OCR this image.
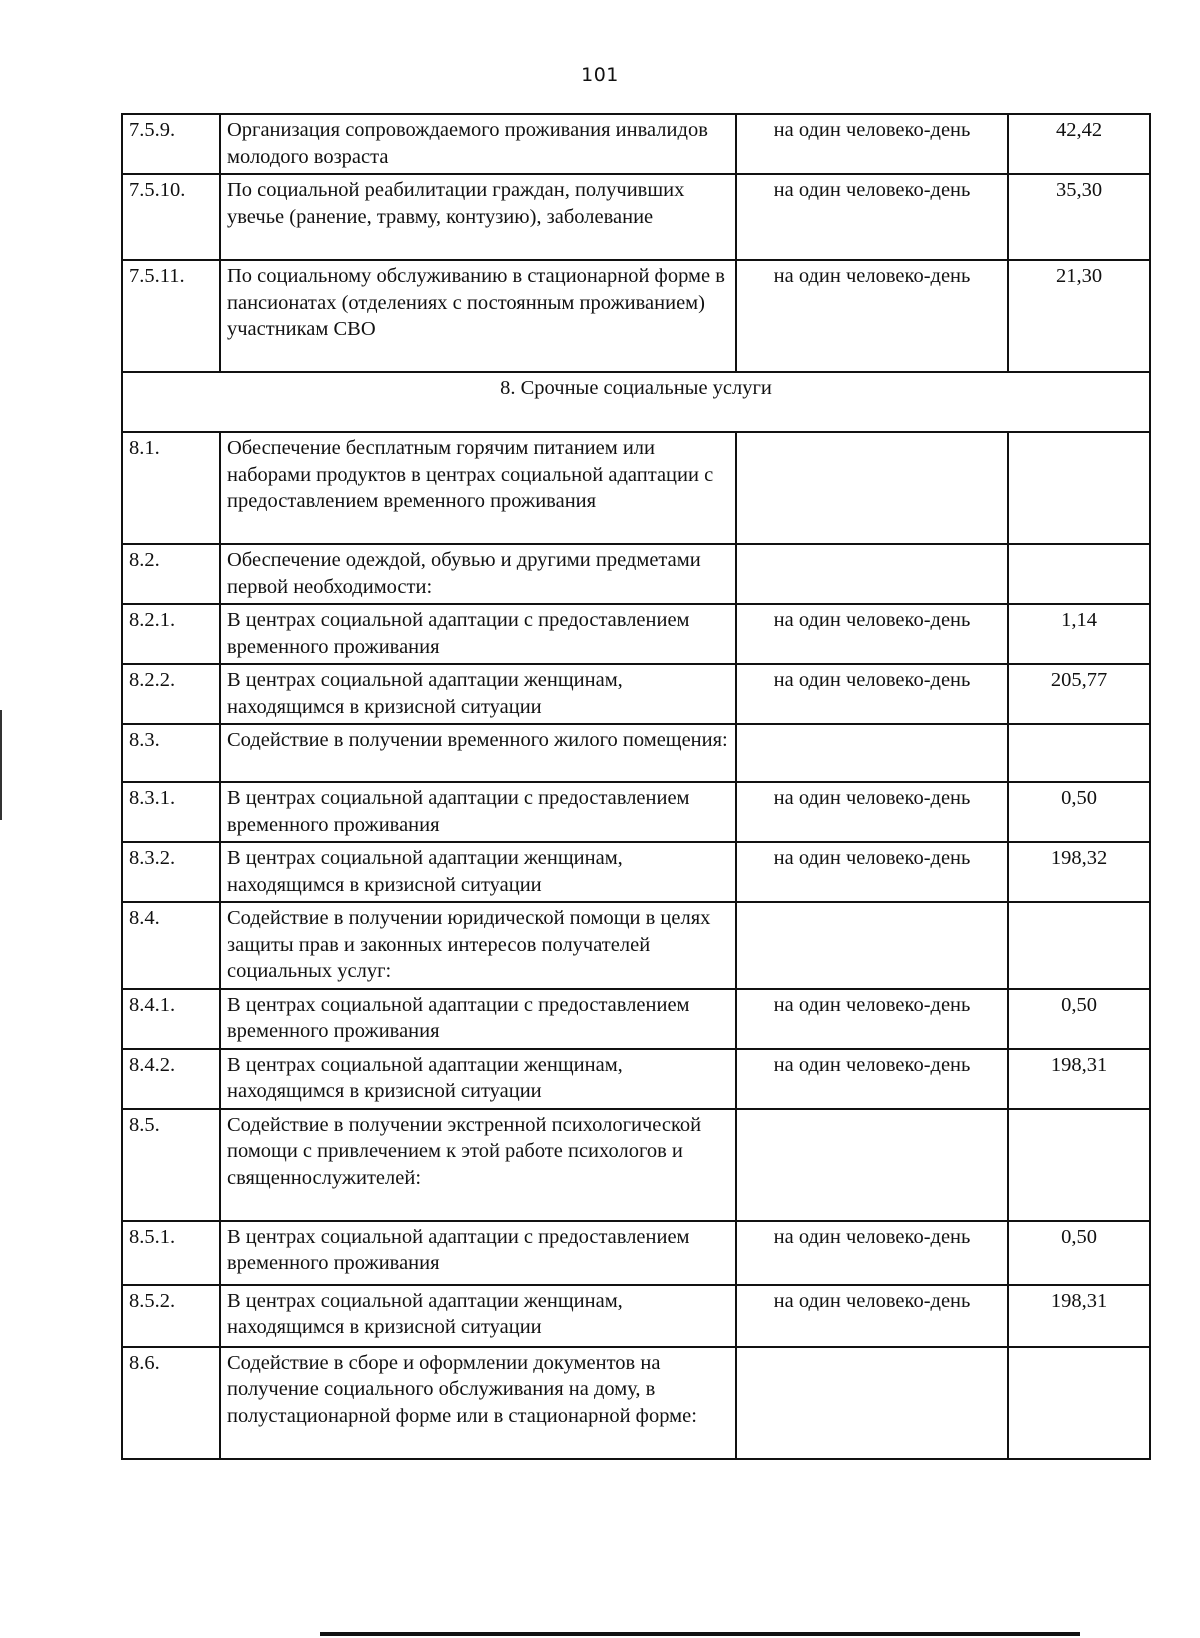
101
7.5.9.	Организация сопровождаемого проживания инвалидов молодого возраста	на один человеко-день	42,42
7.5.10.	По социальной реабилитации граждан, получивших увечье (ранение, травму, контузию), заболевание	на один человеко-день	35,30
7.5.11.	По социальному обслуживанию в стационарной форме в пансионатах (отделениях с постоянным проживанием) участникам СВО	на один человеко-день	21,30
8. Срочные социальные услуги			
8.1.	Обеспечение бесплатным горячим питанием или наборами продуктов в центрах социальной адаптации с предоставлением временного проживания		
8.2.	Обеспечение одеждой, обувью и другими предметами первой необходимости:		
8.2.1.	В центрах социальной адаптации с предоставлением временного проживания	на один человеко-день	1,14
8.2.2.	В центрах социальной адаптации женщинам, находящимся в кризисной ситуации	на один человеко-день	205,77
8.3.	Содействие в получении временного жилого помещения:		
8.3.1.	В центрах социальной адаптации с предоставлением временного проживания	на один человеко-день	0,50
8.3.2.	В центрах социальной адаптации женщинам, находящимся в кризисной ситуации	на один человеко-день	198,32
8.4.	Содействие в получении юридической помощи в целях защиты прав и законных интересов получателей социальных услуг:		
8.4.1.	В центрах социальной адаптации с предоставлением временного проживания	на один человеко-день	0,50
8.4.2.	В центрах социальной адаптации женщинам, находящимся в кризисной ситуации	на один человеко-день	198,31
8.5.	Содействие в получении экстренной психологической помощи с привлечением к этой работе психологов и священнослужителей:		
8.5.1.	В центрах социальной адаптации с предоставлением временного проживания	на один человеко-день	0,50
8.5.2.	В центрах социальной адаптации женщинам, находящимся в кризисной ситуации	на один человеко-день	198,31
8.6.	Содействие в сборе и оформлении документов на получение социального обслуживания на дому, в полустационарной форме или в стационарной форме:		
